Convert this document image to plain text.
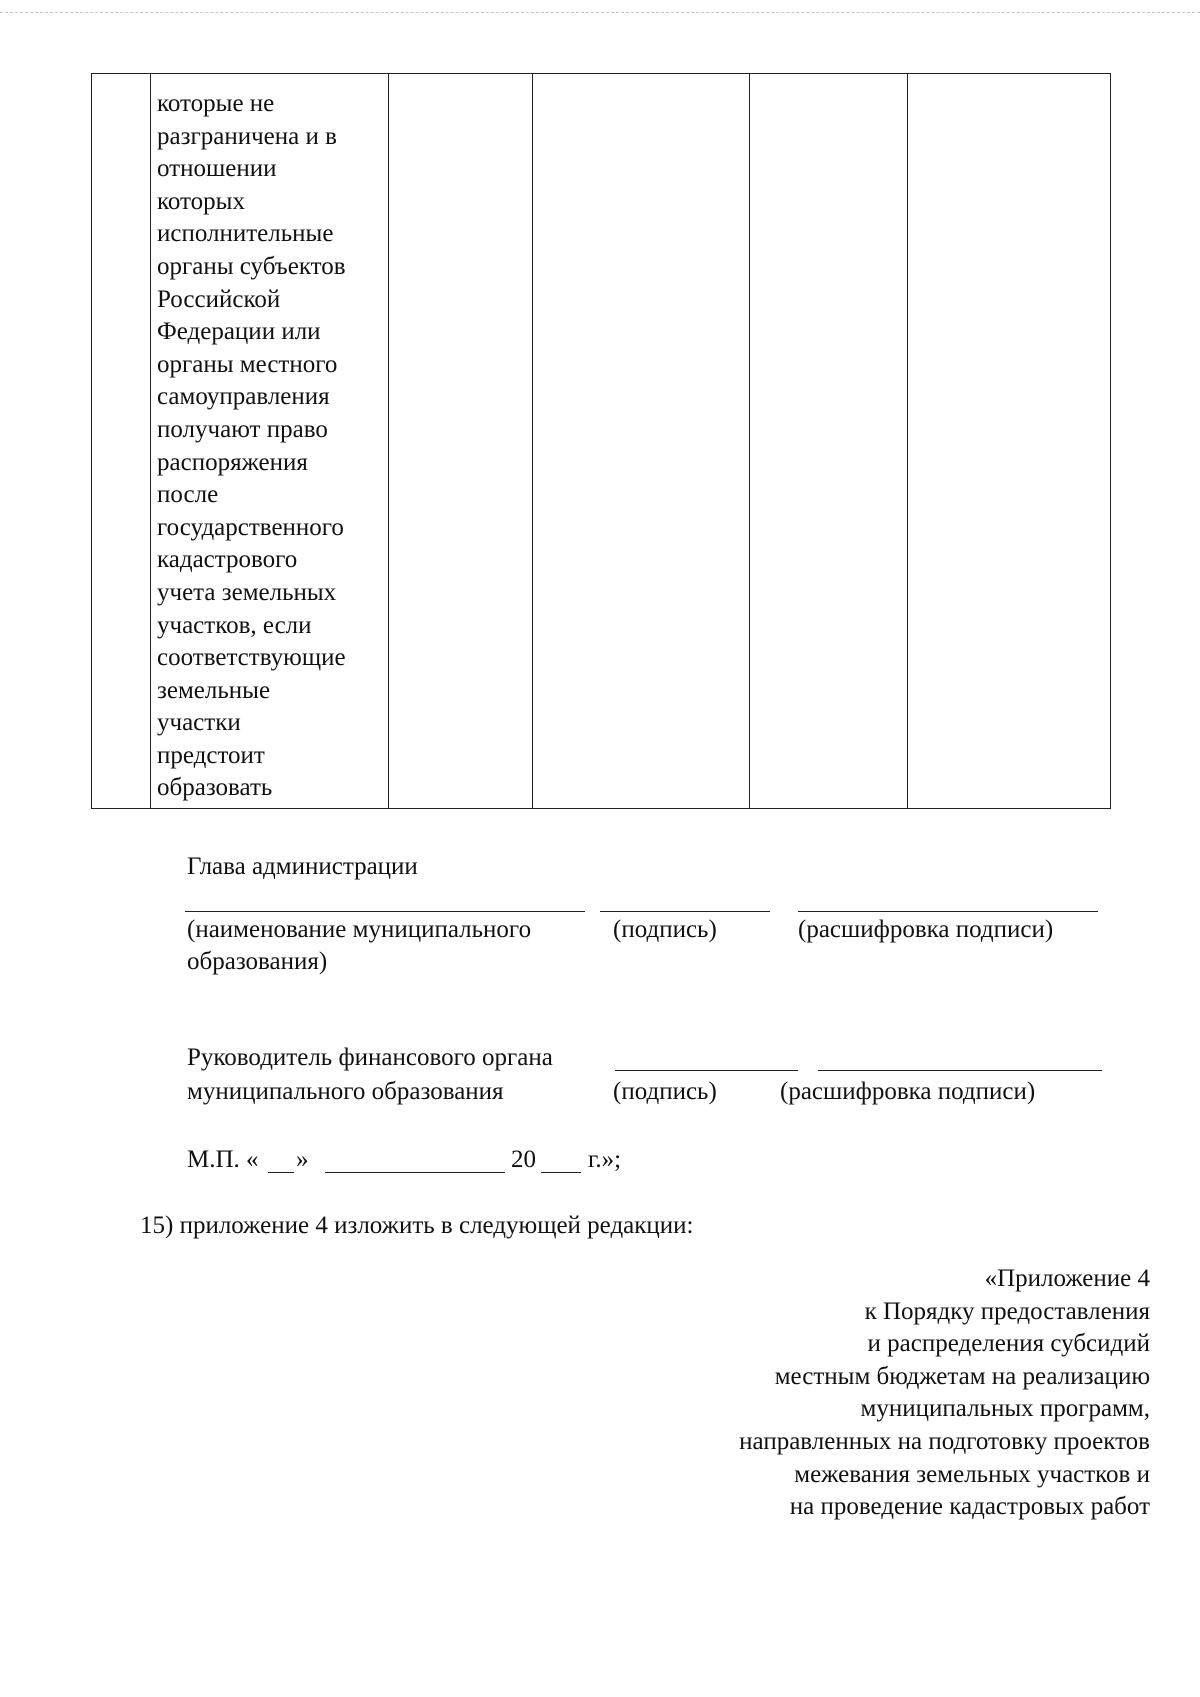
которые не
разграничена и в
отношении
которых
исполнительные
органы субъектов
Российской
Федерации или
органы местного
самоуправления
получают право
распоряжения
после
государственного
кадастрового
учета земельных
участков, если
соответствующие
земельные
участки
предстоит
образовать

Глава администрации
(наименование муниципального
образования)
(подпись)	(расшифровка подписи)
Руководитель финансового органа
муниципального образования	(подпись)	(расшифровка подписи)
М.П. « »	20 г.»;
15) приложение 4 изложить в следующей редакции:
«Приложение 4
к Порядку предоставления
и распределения субсидий
местным бюджетам на реализацию
муниципальных программ,
направленных на подготовку проектов
межевания земельных участков и
на проведение кадастровых работ
